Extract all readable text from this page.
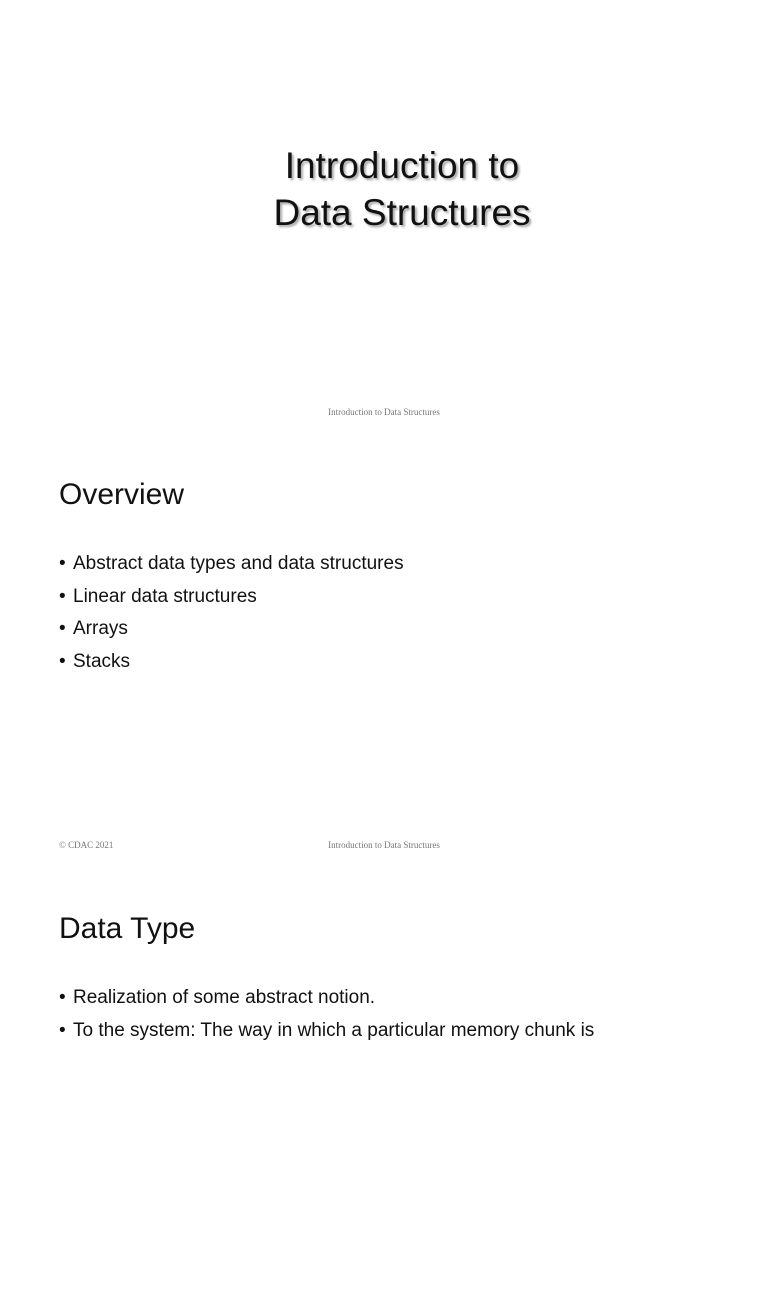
Introduction to
Data Structures
Introduction to Data Structures
Overview
• Abstract data types and data structures
• Linear data structures
• Arrays
• Stacks
© CDAC 2021	Introduction to Data Structures
Data Type
• Realization of some abstract notion.
• To the system: The way in which a particular memory chunk is
